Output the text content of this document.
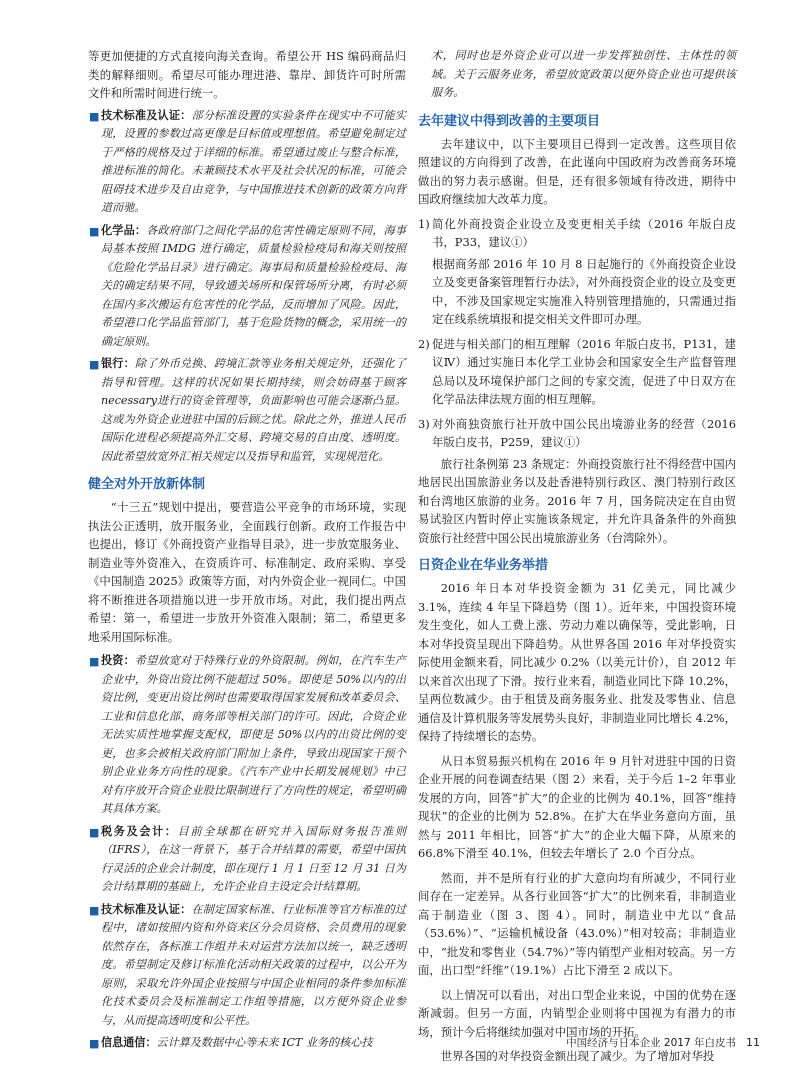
等更加便捷的方式直接向海关查询。希望公开 HS 编码商品归类的解释细则。希望尽可能办理进港、靠岸、卸货许可时所需文件和所需时间进行统一。

■ 技术标准及认证：部分标准设置的实验条件在现实中不可能实现，设置的参数过高更像是目标值或理想值。希望避免制定过于严格的规格及过于详细的标准。希望通过废止与整合标准，推进标准的简化。未兼顾技术水平及社会状况的标准，可能会阻碍技术进步及自由竞争，与中国推进技术创新的政策方向背道而驰。
■ 化学品：各政府部门之间化学品的危害性确定原则不同，海事局基本按照 IMDG 进行确定，质量检验检疫局和海关则按照《危险化学品目录》进行确定。海事局和质量检验检疫局、海关的确定结果不同，导致通关场所和保管场所分离，有时必须在国内多次搬运有危害性的化学品，反而增加了风险。因此，希望港口化学品监管部门，基于危险货物的概念，采用统一的确定原则。
■ 银行：除了外币兑换、跨境汇款等业务相关规定外，还强化了指导和管理。这样的状况如果长期持续，则会妨碍基于顾客necessary进行的资金管理等，负面影响也可能会逐渐凸显。这或为外资企业进驻中国的后顾之忧。除此之外，推进人民币国际化进程必须提高外汇交易、跨境交易的自由度、透明度。因此希望放宽外汇相关规定以及指导和监管，实现规范化。
健全对外开放新体制

“十三五”规划中提出，要营造公平竞争的市场环境，实现执法公正透明，放开服务业，全面践行创新。政府工作报告中也提出，修订《外商投资产业指导目录》，进一步放宽服务业、制造业等外资准入，在资质许可、标准制定、政府采购、享受《中国制造 2025》政策等方面，对内外资企业一视同仁。中国将不断推进各项措施以进一步开放市场。对此，我们提出两点希望：第一，希望进一步放开外资准入限制；第二，希望更多地采用国际标准。

■ 投资：希望放宽对于特殊行业的外资限制。例如，在汽车生产企业中，外资出资比例不能超过 50%。即使是 50%以内的出资比例，变更出资比例时也需要取得国家发展和改革委员会、工业和信息化部、商务部等相关部门的许可。因此，合资企业无法实质性地掌握支配权，即使是 50%以内的出资比例的变更，也多会被相关政府部门附加上条件，导致出现国家干预个别企业业务方向性的现象。《汽车产业中长期发展规划》中已对有序放开合资企业股比限制进行了方向性的规定，希望明确其具体方案。
■ 税务及会计：目前全球都在研究并入国际财务报告准则（IFRS），在这一背景下，基于合并结算的需要，希望中国执行灵活的企业会计制度，即在现行 1 月 1 日至 12 月 31 日为会计结算期的基础上，允许企业自主设定会计结算期。
■ 技术标准及认证：在制定国家标准、行业标准等官方标准的过程中，诸如按照内资和外资来区分会员资格、会员费用的现象依然存在，各标准工作组并未对运营方法加以统一，缺乏透明度。希望制定及修订标准化活动相关政策的过程中，以公开为原则，采取允许外国企业按照与中国企业相同的条件参加标准化技术委员会及标准制定工作组等措施，以方便外资企业参与，从而提高透明度和公平性。
■ 信息通信：云计算及数据中心等未来 ICT 业务的核心技

术，同时也是外资企业可以进一步发挥独创性、主体性的领域。关于云服务业务，希望放宽政策以便外资企业也可提供该服务。

去年建议中得到改善的主要项目

去年建议中，以下主要项目已得到一定改善。这些项目依照建议的方向得到了改善，在此谨向中国政府为改善商务环境做出的努力表示感谢。但是，还有很多领域有待改进，期待中国政府继续加大改革力度。

1) 简化外商投资企业设立及变更相关手续（2016 年版白皮书，P33，建议①）

根据商务部 2016 年 10 月 8 日起施行的《外商投资企业设立及变更备案管理暂行办法》，对外商投资企业的设立及变更中，不涉及国家规定实施准入特别管理措施的，只需通过指定在线系统填报和提交相关文件即可办理。

2) 促进与相关部门的相互理解（2016 年版白皮书，P131，建议Ⅳ）通过实施日本化学工业协会和国家安全生产监督管理总局以及环境保护部门之间的专家交流，促进了中日双方在化学品法律法规方面的相互理解。
3) 对外商独资旅行社开放中国公民出境游业务的经营（2016 年版白皮书，P259，建议①）

旅行社条例第 23 条规定：外商投资旅行社不得经营中国内地居民出国旅游业务以及赴香港特别行政区、澳门特别行政区和台湾地区旅游的业务。2016 年 7 月，国务院决定在自由贸易试验区内暂时停止实施该条规定，并允许具备条件的外商独资旅行社经营中国公民出境旅游业务（台湾除外）。

日资企业在华业务举措

2016 年日本对华投资金额为 31 亿美元，同比减少 3.1%，连续 4 年呈下降趋势（图 1）。近年来，中国投资环境发生变化，如人工费上涨、劳动力难以确保等，受此影响，日本对华投资呈现出下降趋势。从世界各国 2016 年对华投资实际使用金额来看，同比减少 0.2%（以美元计价），自 2012 年以来首次出现了下滑。按行业来看，制造业同比下降 10.2%，呈两位数减少。由于租赁及商务服务业、批发及零售业、信息通信及计算机服务等发展势头良好，非制造业同比增长 4.2%，保持了持续增长的态势。

从日本贸易振兴机构在 2016 年 9 月针对进驻中国的日资企业开展的问卷调查结果（图 2）来看，关于今后 1–2 年事业发展的方向，回答“扩大”的企业的比例为 40.1%，回答“维持现状”的企业的比例为 52.8%。在扩大在华业务意向方面，虽然与 2011 年相比，回答“扩大”的企业大幅下降，从原来的 66.8%下滑至 40.1%，但较去年增长了 2.0 个百分点。

然而，并不是所有行业的扩大意向均有所减少，不同行业间存在一定差异。从各行业回答“扩大”的比例来看，非制造业高于制造业（图 3、图 4）。同时，制造业中尤以“食品（53.6%）”、“运输机械设备（43.0%）”相对较高；非制造业中，“批发和零售业（54.7%）”等内销型产业相对较高。另一方面，出口型“纤维”（19.1%）占比下滑至 2 成以下。

以上情况可以看出，对出口型企业来说，中国的优势在逐渐减弱。但另一方面，内销型企业则将中国视为有潜力的市场，预计今后将继续加强对中国市场的开拓。

世界各国的对华投资金额出现了减少。为了增加对华投

中国经济与日本企业 2017 年白皮书 11
